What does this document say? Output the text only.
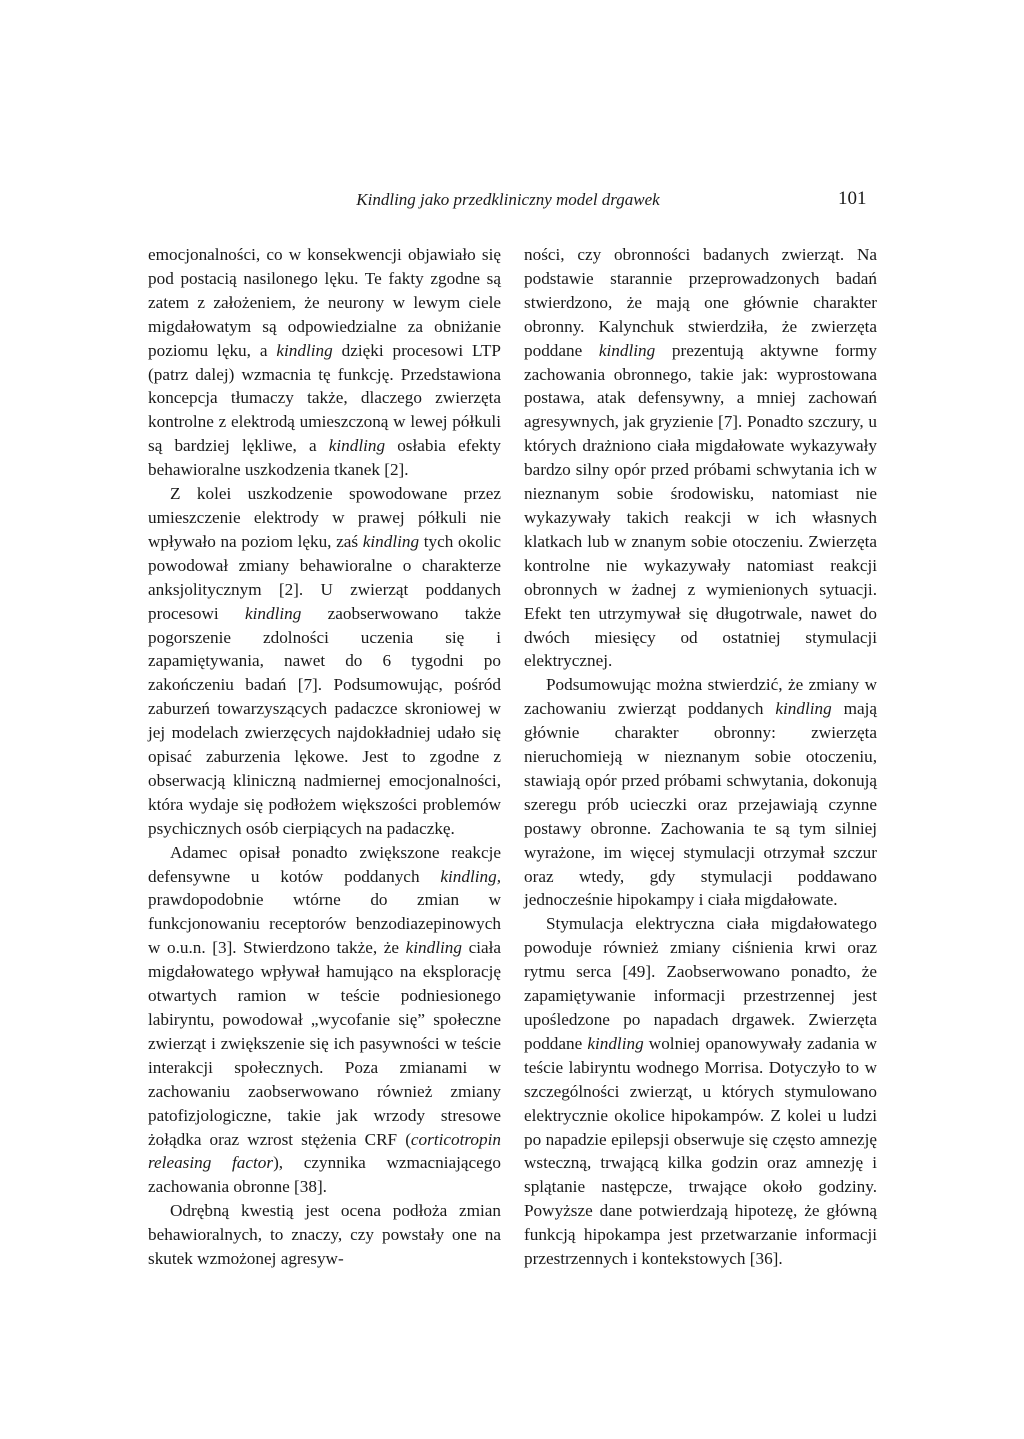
Kindling jako przedkliniczny model drgawek	101

emocjonalności, co w konsekwencji objawiało się pod postacią nasilonego lęku. Te fakty zgodne są zatem z założeniem, że neurony w lewym ciele migdałowatym są odpowiedzialne za obniżanie poziomu lęku, a kindling dzięki procesowi LTP (patrz dalej) wzmacnia tę funkcję. Przedstawiona koncepcja tłumaczy także, dlaczego zwierzęta kontrolne z elektrodą umieszczoną w lewej półkuli są bardziej lękliwe, a kindling osłabia efekty behawioralne uszkodzenia tkanek [2].

Z kolei uszkodzenie spowodowane przez umieszczenie elektrody w prawej półkuli nie wpływało na poziom lęku, zaś kindling tych okolic powodował zmiany behawioralne o charakterze anksjolitycznym [2]. U zwierząt poddanych procesowi kindling zaobserwowano także pogorszenie zdolności uczenia się i zapamiętywania, nawet do 6 tygodni po zakończeniu badań [7]. Podsumowując, pośród zaburzeń towarzyszących padaczce skroniowej w jej modelach zwierzęcych najdokładniej udało się opisać zaburzenia lękowe. Jest to zgodne z obserwacją kliniczną nadmiernej emocjonalności, która wydaje się podłożem większości problemów psychicznych osób cierpiących na padaczkę.

Adamec opisał ponadto zwiększone reakcje defensywne u kotów poddanych kindling, prawdopodobnie wtórne do zmian w funkcjonowaniu receptorów benzodiazepinowych w o.u.n. [3]. Stwierdzono także, że kindling ciała migdałowatego wpływał hamująco na eksplorację otwartych ramion w teście podniesionego labiryntu, powodował „wycofanie się” społeczne zwierząt i zwiększenie się ich pasywności w teście interakcji społecznych. Poza zmianami w zachowaniu zaobserwowano również zmiany patofizjologiczne, takie jak wrzody stresowe żołądka oraz wzrost stężenia CRF (corticotropin releasing factor), czynnika wzmacniającego zachowania obronne [38].

Odrębną kwestią jest ocena podłoża zmian behawioralnych, to znaczy, czy powstały one na skutek wzmożonej agresyw-

ności, czy obronności badanych zwierząt. Na podstawie starannie przeprowadzonych badań stwierdzono, że mają one głównie charakter obronny. Kalynchuk stwierdziła, że zwierzęta poddane kindling prezentują aktywne formy zachowania obronnego, takie jak: wyprostowana postawa, atak defensywny, a mniej zachowań agresywnych, jak gryzienie [7]. Ponadto szczury, u których drażniono ciała migdałowate wykazywały bardzo silny opór przed próbami schwytania ich w nieznanym sobie środowisku, natomiast nie wykazywały takich reakcji w ich własnych klatkach lub w znanym sobie otoczeniu. Zwierzęta kontrolne nie wykazywały natomiast reakcji obronnych w żadnej z wymienionych sytuacji. Efekt ten utrzymywał się długotrwale, nawet do dwóch miesięcy od ostatniej stymulacji elektrycznej.

Podsumowując można stwierdzić, że zmiany w zachowaniu zwierząt poddanych kindling mają głównie charakter obronny: zwierzęta nieruchomieją w nieznanym sobie otoczeniu, stawiają opór przed próbami schwytania, dokonują szeregu prób ucieczki oraz przejawiają czynne postawy obronne. Zachowania te są tym silniej wyrażone, im więcej stymulacji otrzymał szczur oraz wtedy, gdy stymulacji poddawano jednocześnie hipokampy i ciała migdałowate.

Stymulacja elektryczna ciała migdałowatego powoduje również zmiany ciśnienia krwi oraz rytmu serca [49]. Zaobserwowano ponadto, że zapamiętywanie informacji przestrzennej jest upośledzone po napadach drgawek. Zwierzęta poddane kindling wolniej opanowywały zadania w teście labiryntu wodnego Morrisa. Dotyczyło to w szczególności zwierząt, u których stymulowano elektrycznie okolice hipokampów. Z kolei u ludzi po napadzie epilepsji obserwuje się często amnezję wsteczną, trwającą kilka godzin oraz amnezję i splątanie następcze, trwające około godziny. Powyższe dane potwierdzają hipotezę, że główną funkcją hipokampa jest przetwarzanie informacji przestrzennych i kontekstowych [36].
